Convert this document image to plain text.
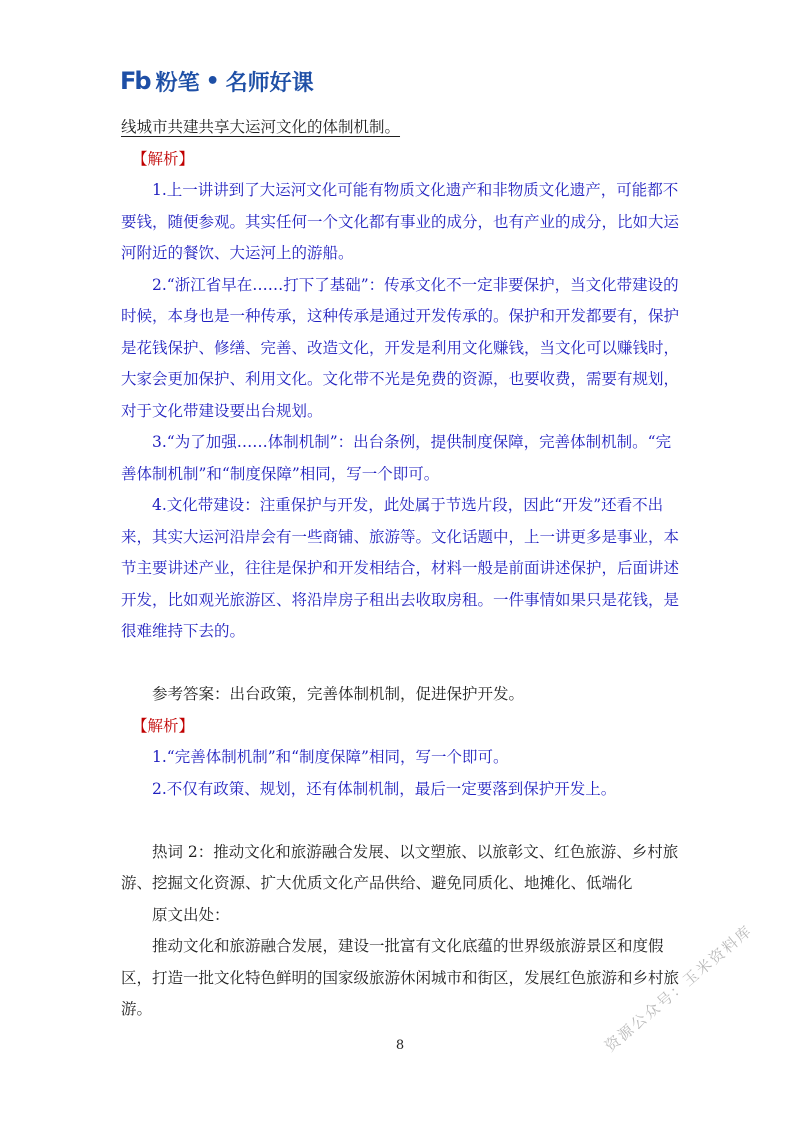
Fb 粉笔 • 名师好课

线城市共建共享大运河文化的体制机制。

【解析】

1.上一讲讲到了大运河文化可能有物质文化遗产和非物质文化遗产，可能都不要钱，随便参观。其实任何一个文化都有事业的成分，也有产业的成分，比如大运河附近的餐饮、大运河上的游船。

2.“浙江省早在……打下了基础”：传承文化不一定非要保护，当文化带建设的时候，本身也是一种传承，这种传承是通过开发传承的。保护和开发都要有，保护是花钱保护、修缮、完善、改造文化，开发是利用文化赚钱，当文化可以赚钱时，大家会更加保护、利用文化。文化带不光是免费的资源，也要收费，需要有规划，对于文化带建设要出台规划。

3.“为了加强……体制机制”：出台条例，提供制度保障，完善体制机制。“完善体制机制”和“制度保障”相同，写一个即可。

4.文化带建设：注重保护与开发，此处属于节选片段，因此“开发”还看不出来，其实大运河沿岸会有一些商铺、旅游等。文化话题中，上一讲更多是事业，本节主要讲述产业，往往是保护和开发相结合，材料一般是前面讲述保护，后面讲述开发，比如观光旅游区、将沿岸房子租出去收取房租。一件事情如果只是花钱，是很难维持下去的。

参考答案：出台政策，完善体制机制，促进保护开发。

【解析】

1.“完善体制机制”和“制度保障”相同，写一个即可。

2.不仅有政策、规划，还有体制机制，最后一定要落到保护开发上。

热词 2：推动文化和旅游融合发展、以文塑旅、以旅彰文、红色旅游、乡村旅游、挖掘文化资源、扩大优质文化产品供给、避免同质化、地摊化、低端化

原文出处：

推动文化和旅游融合发展，建设一批富有文化底蕴的世界级旅游景区和度假区，打造一批文化特色鲜明的国家级旅游休闲城市和街区，发展红色旅游和乡村旅游。

8	资源公众号：玉米资料库
